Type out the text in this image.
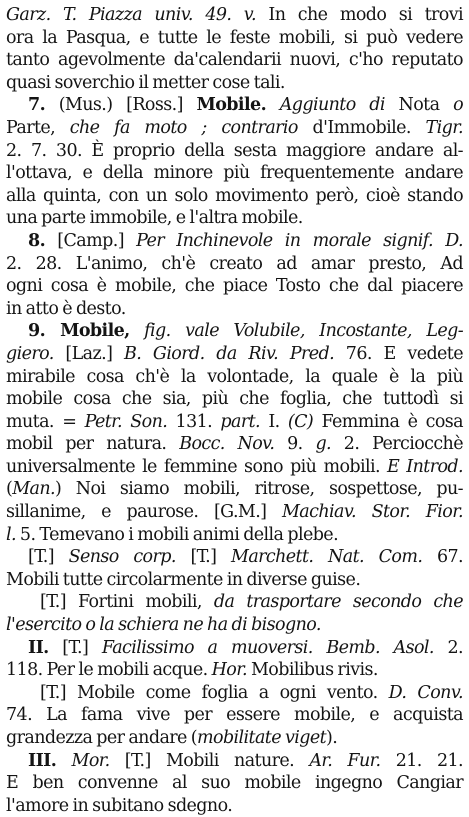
Garz. T. Piazza univ. 49. v. In che modo si trovi
ora la Pasqua, e tutte le feste mobili, si può vedere
tanto agevolmente da'calendarii nuovi, c'ho reputato
quasi soverchio il metter cose tali.
7. (Mus.) [Ross.] Mobile. Aggiunto di Nota o
Parte, che fa moto ; contrario d'Immobile. Tigr.
2. 7. 30. È proprio della sesta maggiore andare al-
l'ottava, e della minore più frequentemente andare
alla quinta, con un solo movimento però, cioè stando
una parte immobile, e l'altra mobile.
8. [Camp.] Per Inchinevole in morale signif. D.
2. 28. L'animo, ch'è creato ad amar presto, Ad
ogni cosa è mobile, che piace Tosto che dal piacere
in atto è desto.
9. Mobile, fig. vale Volubile, Incostante, Leg-
giero. [Laz.] B. Giord. da Riv. Pred. 76. E vedete
mirabile cosa ch'è la volontade, la quale è la più
mobile cosa che sia, più che foglia, che tuttodì si
muta. = Petr. Son. 131. part. I. (C) Femmina è cosa
mobil per natura. Bocc. Nov. 9. g. 2. Perciocchè
universalmente le femmine sono più mobili. E Introd.
(Man.) Noi siamo mobili, ritrose, sospettose, pu-
sillanime, e paurose. [G.M.] Machiav. Stor. Fior.
l. 5. Temevano i mobili animi della plebe.
[T.] Senso corp. [T.] Marchett. Nat. Com. 67.
Mobili tutte circolarmente in diverse guise.
[T.] Fortini mobili, da trasportare secondo che
l'esercito o la schiera ne ha di bisogno.
II. [T.] Facilissimo a muoversi. Bemb. Asol. 2.
118. Per le mobili acque. Hor. Mobilibus rivis.
[T.] Mobile come foglia a ogni vento. D. Conv.
74. La fama vive per essere mobile, e acquista
grandezza per andare (mobilitate viget).
III. Mor. [T.] Mobili nature. Ar. Fur. 21. 21.
E ben convenne al suo mobile ingegno Cangiar
l'amore in subitano sdegno.
